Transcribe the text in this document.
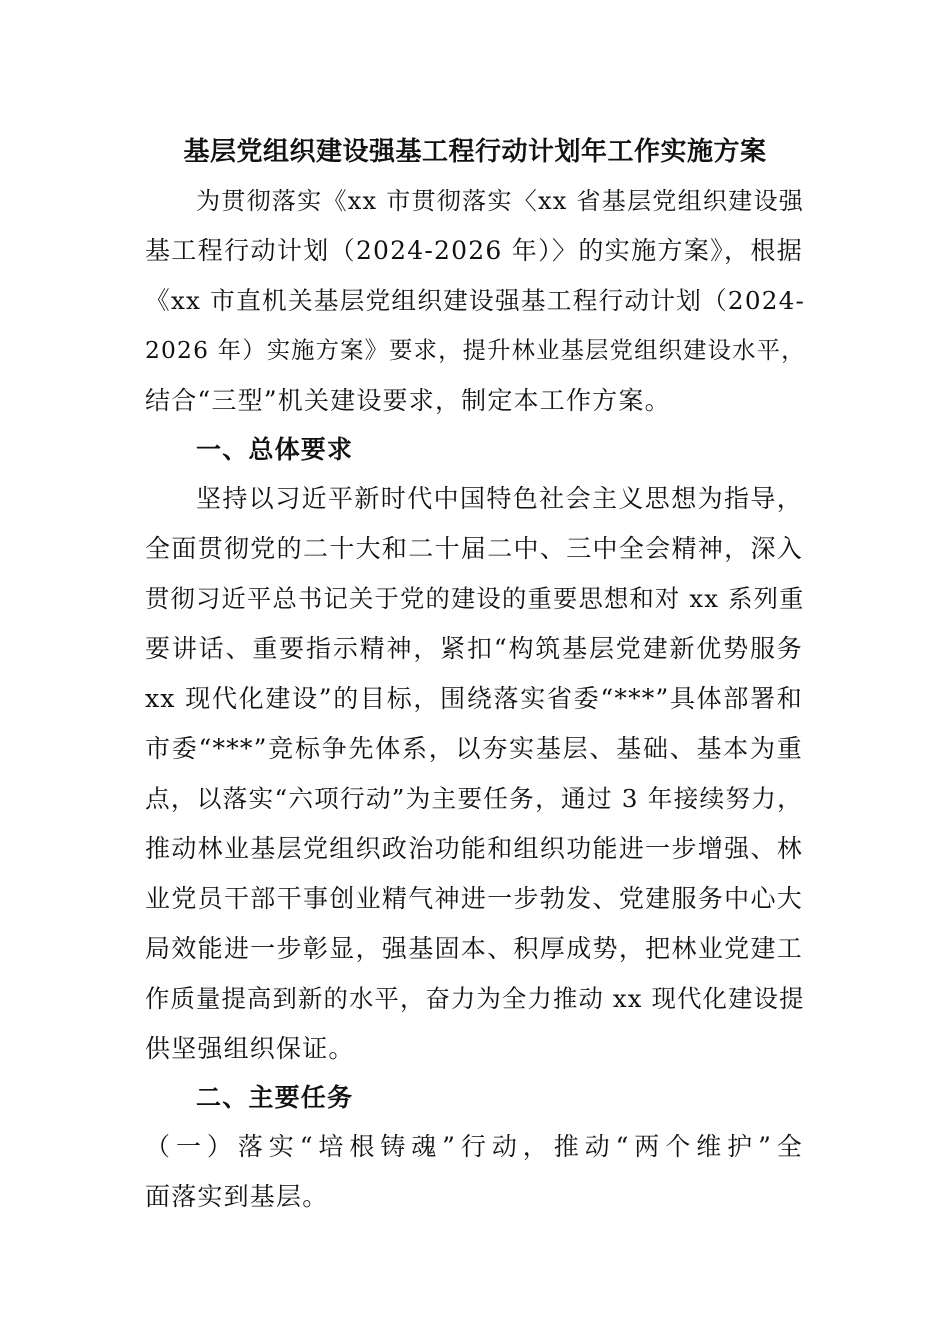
基层党组织建设强基工程行动计划年工作实施方案
为贯彻落实《xx 市贯彻落实〈xx 省基层党组织建设强
基工程行动计划（2024-2026 年）〉的实施方案》，根据
《xx 市直机关基层党组织建设强基工程行动计划（2024-
2026 年）实施方案》要求，提升林业基层党组织建设水平，
结合“三型”机关建设要求，制定本工作方案。
一、总体要求
坚持以习近平新时代中国特色社会主义思想为指导，
全面贯彻党的二十大和二十届二中、三中全会精神，深入
贯彻习近平总书记关于党的建设的重要思想和对 xx 系列重
要讲话、重要指示精神，紧扣“构筑基层党建新优势服务
xx 现代化建设”的目标，围绕落实省委“***”具体部署和
市委“***”竞标争先体系，以夯实基层、基础、基本为重
点，以落实“六项行动”为主要任务，通过 3 年接续努力，
推动林业基层党组织政治功能和组织功能进一步增强、林
业党员干部干事创业精气神进一步勃发、党建服务中心大
局效能进一步彰显，强基固本、积厚成势，把林业党建工
作质量提高到新的水平，奋力为全力推动 xx 现代化建设提
供坚强组织保证。
二、主要任务
（一）落实“培根铸魂”行动，推动“两个维护”全
面落实到基层。
